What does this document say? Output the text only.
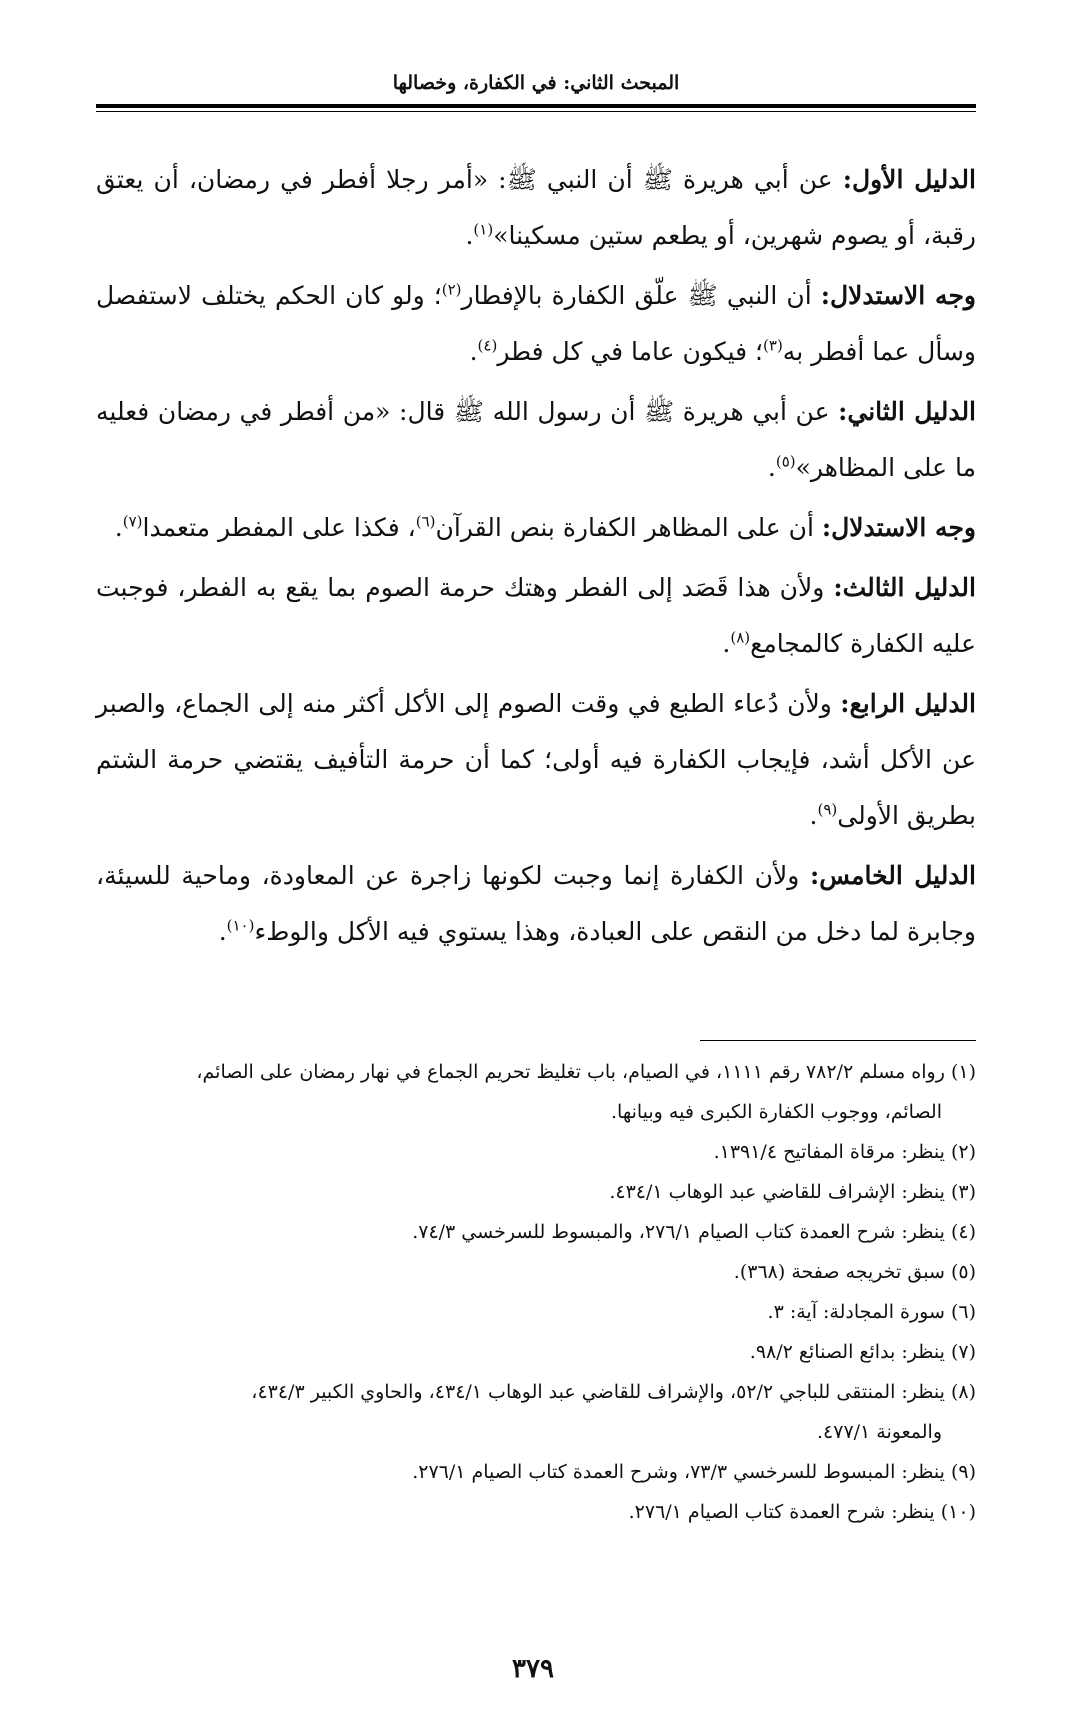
المبحث الثاني: في الكفارة، وخصالها

الدليل الأول: عن أبي هريرة ﷺ أن النبي ﷺ: «أمر رجلا أفطر في رمضان، أن يعتق رقبة، أو يصوم شهرين، أو يطعم ستين مسكينا»$^{(١)}$.

وجه الاستدلال: أن النبي ﷺ علّق الكفارة بالإفطار$^{(٢)}$؛ ولو كان الحكم يختلف لاستفصل وسأل عما أفطر به$^{(٣)}$؛ فيكون عاما في كل فطر$^{(٤)}$.

الدليل الثاني: عن أبي هريرة ﷺ أن رسول الله ﷺ قال: «من أفطر في رمضان فعليه ما على المظاهر»$^{(٥)}$.

وجه الاستدلال: أن على المظاهر الكفارة بنص القرآن$^{(٦)}$، فكذا على المفطر متعمدا$^{(٧)}$.

الدليل الثالث: ولأن هذا قَصَد إلى الفطر وهتك حرمة الصوم بما يقع به الفطر، فوجبت عليه الكفارة كالمجامع$^{(٨)}$.

الدليل الرابع: ولأن دُعاء الطبع في وقت الصوم إلى الأكل أكثر منه إلى الجماع، والصبر عن الأكل أشد، فإيجاب الكفارة فيه أولى؛ كما أن حرمة التأفيف يقتضي حرمة الشتم بطريق الأولى$^{(٩)}$.

الدليل الخامس: ولأن الكفارة إنما وجبت لكونها زاجرة عن المعاودة، وماحية للسيئة، وجابرة لما دخل من النقص على العبادة، وهذا يستوي فيه الأكل والوطء$^{(١٠)}$.

(١) رواه مسلم ٧٨٢/٢ رقم ١١١١، في الصيام، باب تغليظ تحريم الجماع في نهار رمضان على الصائم،

الصائم، ووجوب الكفارة الكبرى فيه وبيانها.

(٢) ينظر: مرقاة المفاتيح ١٣٩١/٤.

(٣) ينظر: الإشراف للقاضي عبد الوهاب ٤٣٤/١.

(٤) ينظر: شرح العمدة كتاب الصيام ٢٧٦/١، والمبسوط للسرخسي ٧٤/٣.

(٥) سبق تخريجه صفحة (٣٦٨).

(٦) سورة المجادلة: آية: ٣.

(٧) ينظر: بدائع الصنائع ٩٨/٢.

(٨) ينظر: المنتقى للباجي ٥٢/٢، والإشراف للقاضي عبد الوهاب ٤٣٤/١، والحاوي الكبير ٤٣٤/٣،

والمعونة ٤٧٧/١.

(٩) ينظر: المبسوط للسرخسي ٧٣/٣، وشرح العمدة كتاب الصيام ٢٧٦/١.

(١٠) ينظر: شرح العمدة كتاب الصيام ٢٧٦/١.

٣٧٩
